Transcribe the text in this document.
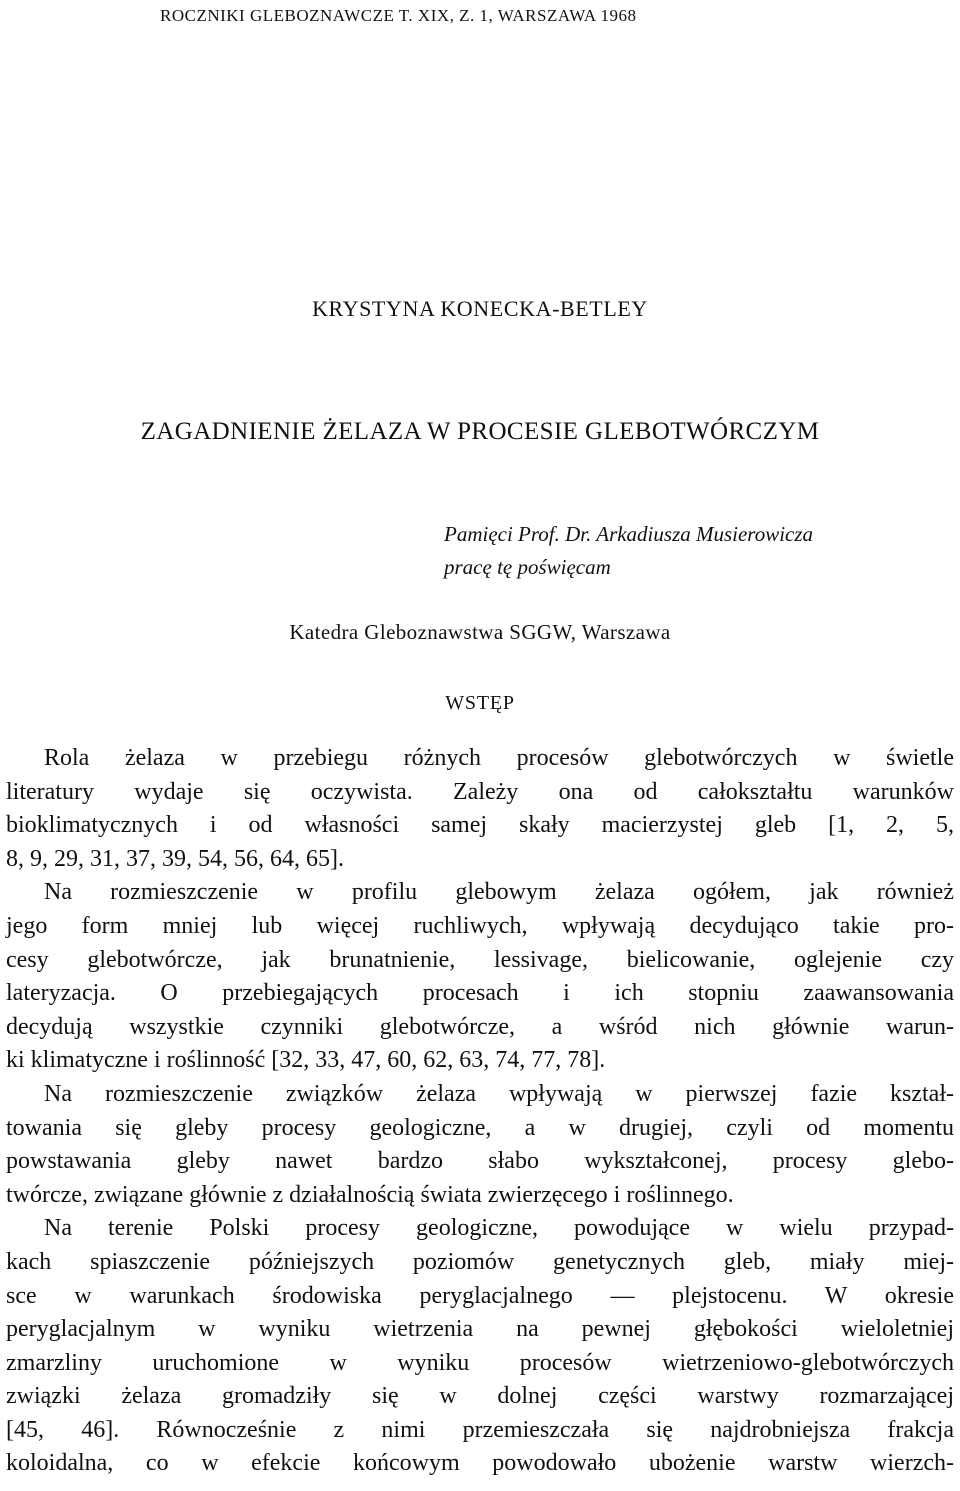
ROCZNIKI GLEBOZNAWCZE T. XIX, Z. 1, WARSZAWA 1968
KRYSTYNA KONECKA-BETLEY
ZAGADNIENIE ŻELAZA W PROCESIE GLEBOTWÓRCZYM
Pamięci Prof. Dr. Arkadiusza Musierowicza
pracę tę poświęcam
Katedra Gleboznawstwa SGGW, Warszawa
WSTĘP
Rola żelaza w przebiegu różnych procesów glebotwórczych w świetle
literatury wydaje się oczywista. Zależy ona od całokształtu warunków
bioklimatycznych i od własności samej skały macierzystej gleb [1, 2, 5,
8, 9, 29, 31, 37, 39, 54, 56, 64, 65].
Na rozmieszczenie w profilu glebowym żelaza ogółem, jak również
jego form mniej lub więcej ruchliwych, wpływają decydująco takie pro-
cesy glebotwórcze, jak brunatnienie, lessivage, bielicowanie, oglejenie czy
lateryzacja. O przebiegających procesach i ich stopniu zaawansowania
decydują wszystkie czynniki glebotwórcze, a wśród nich głównie warun-
ki klimatyczne i roślinność [32, 33, 47, 60, 62, 63, 74, 77, 78].
Na rozmieszczenie związków żelaza wpływają w pierwszej fazie kształ-
towania się gleby procesy geologiczne, a w drugiej, czyli od momentu
powstawania gleby nawet bardzo słabo wykształconej, procesy glebo-
twórcze, związane głównie z działalnością świata zwierzęcego i roślinnego.
Na terenie Polski procesy geologiczne, powodujące w wielu przypad-
kach spiaszczenie późniejszych poziomów genetycznych gleb, miały miej-
sce w warunkach środowiska peryglacjalnego — plejstocenu. W okresie
peryglacjalnym w wyniku wietrzenia na pewnej głębokości wieloletniej
zmarzliny uruchomione w wyniku procesów wietrzeniowo-glebotwórczych
związki żelaza gromadziły się w dolnej części warstwy rozmarzającej
[45, 46]. Równocześnie z nimi przemieszczała się najdrobniejsza frakcja
koloidalna, co w efekcie końcowym powodowało ubożenie warstw wierzch-
